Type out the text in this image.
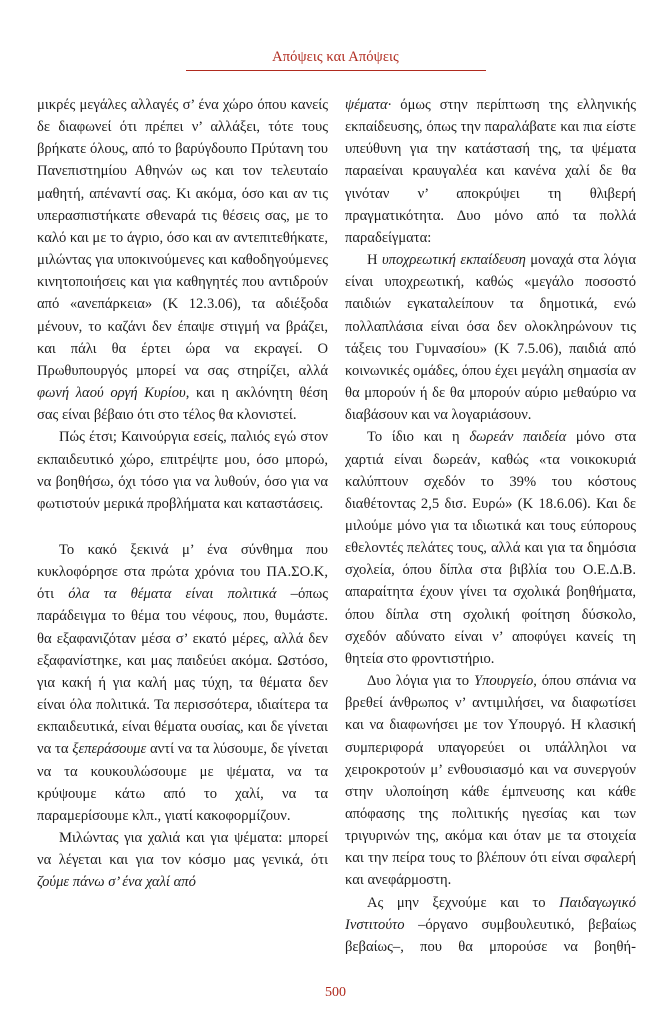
Απόψεις και Απόψεις

μικρές μεγάλες αλλαγές σ’ ένα χώρο όπου κανείς δε διαφωνεί ότι πρέπει ν’ αλλάξει, τότε τους βρήκατε όλους, από το βαρύγδουπο Πρύτανη του Πανεπιστημίου Αθηνών ως και τον τελευταίο μαθητή, απέναντί σας. Κι ακόμα, όσο και αν τις υπερασπιστήκατε σθεναρά τις θέσεις σας, με το καλό και με το άγριο, όσο και αν αντεπιτεθήκατε, μιλώντας για υποκινούμενες και καθοδηγούμενες κινητοποιήσεις και για καθηγητές που αντιδρούν από «ανεπάρκεια» (Κ 12.3.06), τα αδιέξοδα μένουν, το καζάνι δεν έπαψε στιγμή να βράζει, και πάλι θα έρτει ώρα να εκραγεί. Ο Πρωθυπουργός μπορεί να σας στηρίζει, αλλά φωνή λαού οργή Κυρίου, και η ακλόνητη θέση σας είναι βέβαιο ότι στο τέλος θα κλονιστεί.

Πώς έτσι; Καινούργια εσείς, παλιός εγώ στον εκπαιδευτικό χώρο, επιτρέψτε μου, όσο μπορώ, να βοηθήσω, όχι τόσο για να λυθούν, όσο για να φωτιστούν μερικά προβλήματα και καταστάσεις.

Το κακό ξεκινά μ’ ένα σύνθημα που κυκλοφόρησε στα πρώτα χρόνια του ΠΑ.ΣΟ.Κ, ότι όλα τα θέματα είναι πολιτικά –όπως παράδειγμα το θέμα του νέφους, που, θυμάστε. θα εξαφανιζόταν μέσα σ’ εκατό μέρες, αλλά δεν εξαφανίστηκε, και μας παιδεύει ακόμα. Ωστόσο, για κακή ή για καλή μας τύχη, τα θέματα δεν είναι όλα πολιτικά. Τα περισσότερα, ιδιαίτερα τα εκπαιδευτικά, είναι θέματα ουσίας, και δε γίνεται να τα ξεπεράσουμε αντί να τα λύσουμε, δε γίνεται να τα κουκουλώσουμε με ψέματα, να τα κρύψουμε κάτω από το χαλί, να τα παραμερίσουμε κλπ., γιατί κακοφορμίζουν.

Μιλώντας για χαλιά και για ψέματα: μπορεί να λέγεται και για τον κόσμο μας γενικά, ότι ζούμε πάνω σ’ ένα χαλί από

ψέματα· όμως στην περίπτωση της ελληνικής εκπαίδευσης, όπως την παραλάβατε και πια είστε υπεύθυνη για την κατάστασή της, τα ψέματα παραείναι κραυγαλέα και κανένα χαλί δε θα γινόταν ν’ αποκρύψει τη θλιβερή πραγματικότητα. Δυο μόνο από τα πολλά παραδείγματα:

Η υποχρεωτική εκπαίδευση μοναχά στα λόγια είναι υποχρεωτική, καθώς «μεγάλο ποσοστό παιδιών εγκαταλείπουν τα δημοτικά, ενώ πολλαπλάσια είναι όσα δεν ολοκληρώνουν τις τάξεις του Γυμνασίου» (Κ 7.5.06), παιδιά από κοινωνικές ομάδες, όπου έχει μεγάλη σημασία αν θα μπορούν ή δε θα μπορούν αύριο μεθαύριο να διαβάσουν και να λογαριάσουν.

Το ίδιο και η δωρεάν παιδεία μόνο στα χαρτιά είναι δωρεάν, καθώς «τα νοικοκυριά καλύπτουν σχεδόν το 39% του κόστους διαθέτοντας 2,5 δισ. Ευρώ» (Κ 18.6.06). Και δε μιλούμε μόνο για τα ιδιωτικά και τους εύπορους εθελοντές πελάτες τους, αλλά και για τα δημόσια σχολεία, όπου δίπλα στα βιβλία του Ο.Ε.Δ.Β. απαραίτητα έχουν γίνει τα σχολικά βοηθήματα, όπου δίπλα στη σχολική φοίτηση δύσκολο, σχεδόν αδύνατο είναι ν’ αποφύγει κανείς τη θητεία στο φροντιστήριο.

Δυο λόγια για το Υπουργείο, όπου σπάνια να βρεθεί άνθρωπος ν’ αντιμιλήσει, να διαφωτίσει και να διαφωνήσει με τον Υπουργό. Η κλασική συμπεριφορά υπαγορεύει οι υπάλληλοι να χειροκροτούν μ’ ενθουσιασμό και να συνεργούν στην υλοποίηση κάθε έμπνευσης και κάθε απόφασης της πολιτικής ηγεσίας και των τριγυρινών της, ακόμα και όταν με τα στοιχεία και την πείρα τους το βλέπουν ότι είναι σφαλερή και ανεφάρμοστη.

Ας μην ξεχνούμε και το Παιδαγωγικό Ινστιτούτο –όργανο συμβουλευτικό, βεβαίως βεβαίως–, που θα μπορούσε να βοηθή-

500
